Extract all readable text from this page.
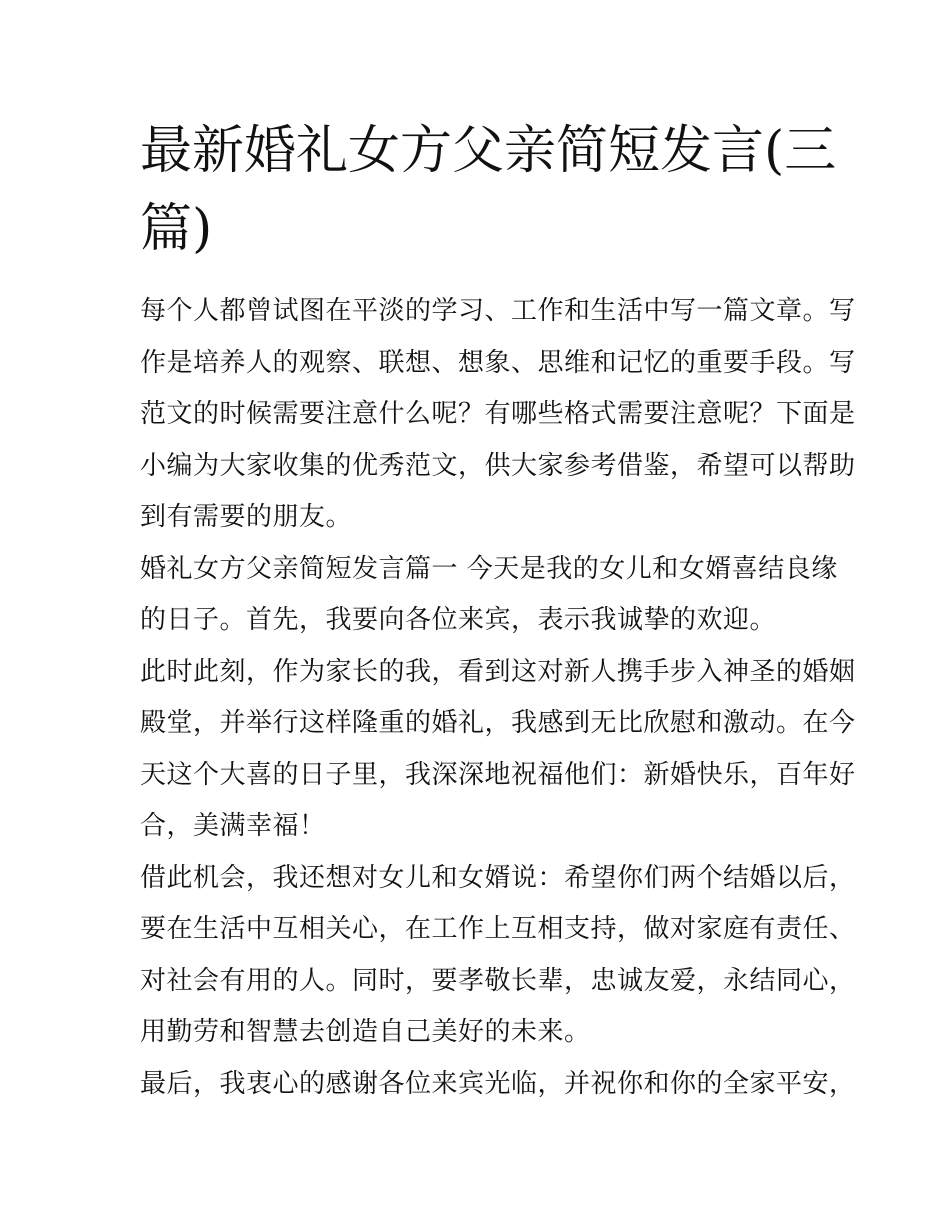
最新婚礼女方父亲简短发言(三
篇)

每个人都曾试图在平淡的学习、工作和生活中写一篇文章。写
作是培养人的观察、联想、想象、思维和记忆的重要手段。写
范文的时候需要注意什么呢？有哪些格式需要注意呢？下面是
小编为大家收集的优秀范文，供大家参考借鉴，希望可以帮助
到有需要的朋友。

婚礼女方父亲简短发言篇一 今天是我的女儿和女婿喜结良缘
的日子。首先，我要向各位来宾，表示我诚挚的欢迎。

此时此刻，作为家长的我，看到这对新人携手步入神圣的婚姻
殿堂，并举行这样隆重的婚礼，我感到无比欣慰和激动。在今
天这个大喜的日子里，我深深地祝福他们：新婚快乐，百年好
合，美满幸福！

借此机会，我还想对女儿和女婿说：希望你们两个结婚以后，
要在生活中互相关心，在工作上互相支持，做对家庭有责任、
对社会有用的人。同时，要孝敬长辈，忠诚友爱，永结同心，
用勤劳和智慧去创造自己美好的未来。

最后，我衷心的感谢各位来宾光临，并祝你和你的全家平安，
